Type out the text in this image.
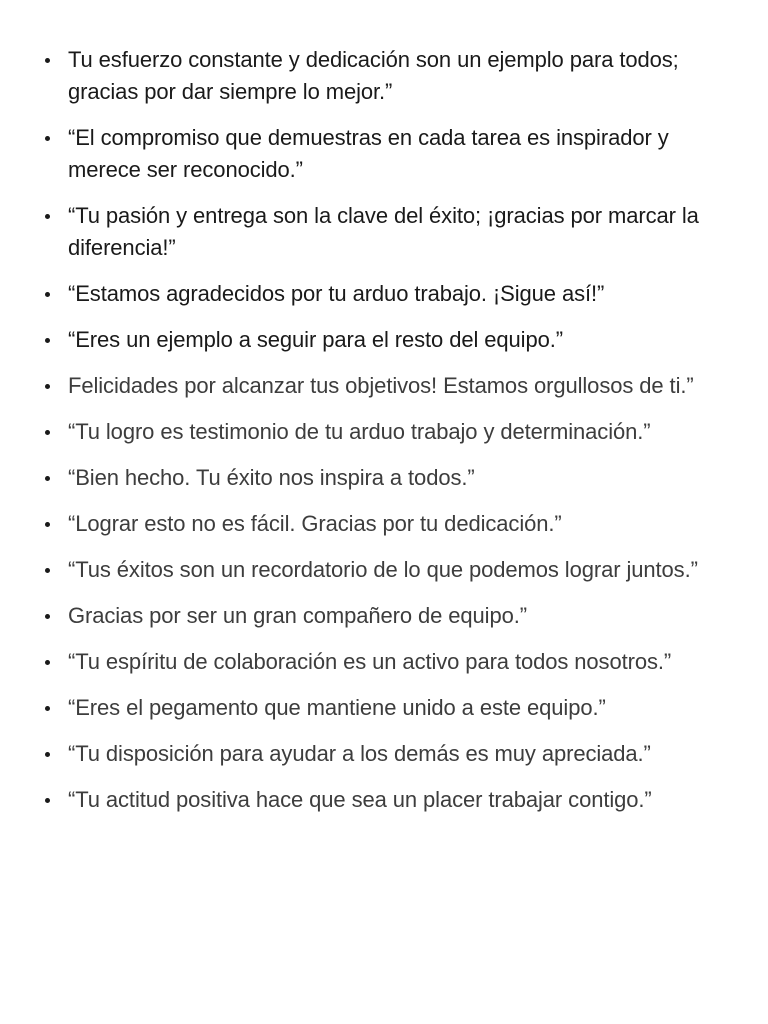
Tu esfuerzo constante y dedicación son un ejemplo para todos; gracias por dar siempre lo mejor.”
“El compromiso que demuestras en cada tarea es inspirador y merece ser reconocido.”
“Tu pasión y entrega son la clave del éxito; ¡gracias por marcar la diferencia!”
“Estamos agradecidos por tu arduo trabajo. ¡Sigue así!”
“Eres un ejemplo a seguir para el resto del equipo.”
Felicidades por alcanzar tus objetivos! Estamos orgullosos de ti.”
“Tu logro es testimonio de tu arduo trabajo y determinación.”
“Bien hecho. Tu éxito nos inspira a todos.”
“Lograr esto no es fácil. Gracias por tu dedicación.”
“Tus éxitos son un recordatorio de lo que podemos lograr juntos.”
Gracias por ser un gran compañero de equipo.”
“Tu espíritu de colaboración es un activo para todos nosotros.”
“Eres el pegamento que mantiene unido a este equipo.”
“Tu disposición para ayudar a los demás es muy apreciada.”
“Tu actitud positiva hace que sea un placer trabajar contigo.”
